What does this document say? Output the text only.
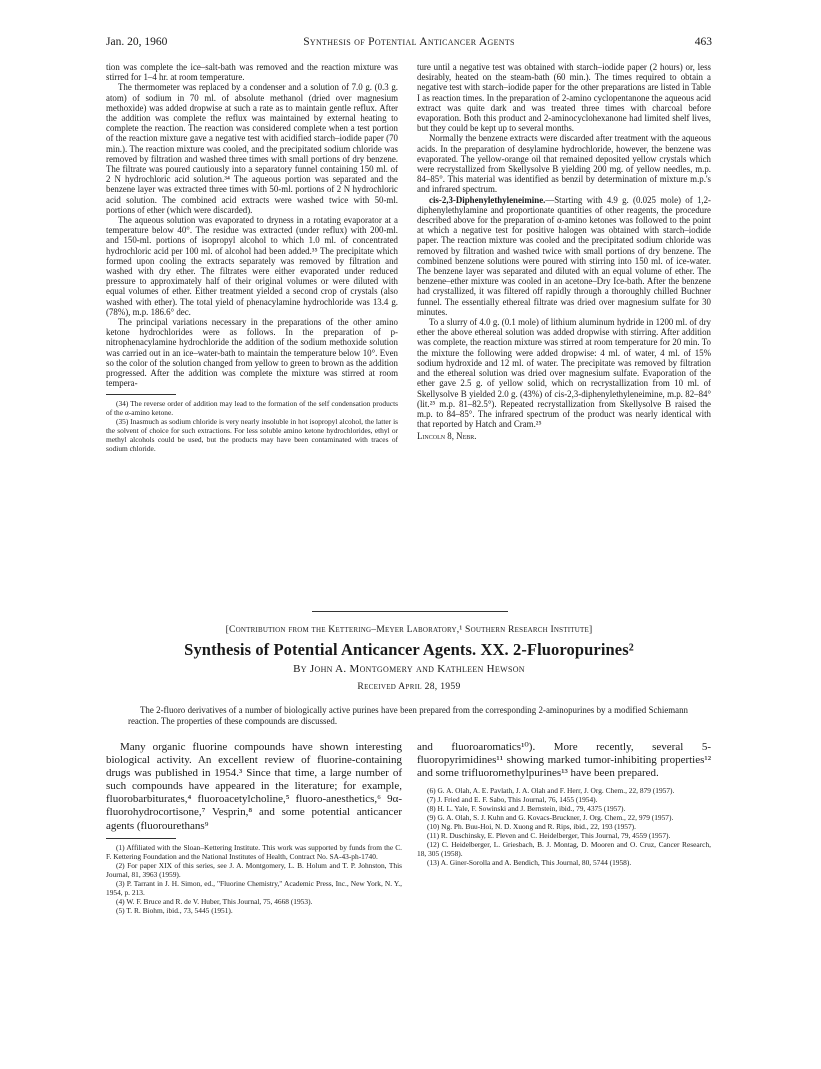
Jan. 20, 1960	Synthesis of Potential Anticancer Agents	463

tion was complete the ice–salt-bath was removed and the reaction mixture was stirred for 1–4 hr. at room temperature.

The thermometer was replaced by a condenser and a solution of 7.0 g. (0.3 g. atom) of sodium in 70 ml. of absolute methanol (dried over magnesium methoxide) was added dropwise at such a rate as to maintain gentle reflux. After the addition was complete the reflux was maintained by external heating to complete the reaction. The reaction was considered complete when a test portion of the reaction mixture gave a negative test with acidified starch–iodide paper (70 min.). The reaction mixture was cooled, and the precipitated sodium chloride was removed by filtration and washed three times with small portions of dry benzene. The filtrate was poured cautiously into a separatory funnel containing 150 ml. of 2 N hydrochloric acid solution.³⁴ The aqueous portion was separated and the benzene layer was extracted three times with 50-ml. portions of 2 N hydrochloric acid solution. The combined acid extracts were washed twice with 50-ml. portions of ether (which were discarded).

The aqueous solution was evaporated to dryness in a rotating evaporator at a temperature below 40°. The residue was extracted (under reflux) with 200-ml. and 150-ml. portions of isopropyl alcohol to which 1.0 ml. of concentrated hydrochloric acid per 100 ml. of alcohol had been added.³⁵ The precipitate which formed upon cooling the extracts separately was removed by filtration and washed with dry ether. The filtrates were either evaporated under reduced pressure to approximately half of their original volumes or were diluted with equal volumes of ether. Either treatment yielded a second crop of crystals (also washed with ether). The total yield of phenacylamine hydrochloride was 13.4 g. (78%), m.p. 186.6° dec.

The principal variations necessary in the preparations of the other amino ketone hydrochlorides were as follows. In the preparation of p-nitrophenacylamine hydrochloride the addition of the sodium methoxide solution was carried out in an ice–water-bath to maintain the temperature below 10°. Even so the color of the solution changed from yellow to green to brown as the addition progressed. After the addition was complete the mixture was stirred at room tempera-

(34) The reverse order of addition may lead to the formation of the self condensation products of the α-amino ketone.

(35) Inasmuch as sodium chloride is very nearly insoluble in hot isopropyl alcohol, the latter is the solvent of choice for such extractions. For less soluble amino ketone hydrochlorides, ethyl or methyl alcohols could be used, but the products may have been contaminated with traces of sodium chloride.

ture until a negative test was obtained with starch–iodide paper (2 hours) or, less desirably, heated on the steam-bath (60 min.). The times required to obtain a negative test with starch–iodide paper for the other preparations are listed in Table I as reaction times. In the preparation of 2-amino cyclopentanone the aqueous acid extract was quite dark and was treated three times with charcoal before evaporation. Both this product and 2-aminocyclohexanone had limited shelf lives, but they could be kept up to several months.

Normally the benzene extracts were discarded after treatment with the aqueous acids. In the preparation of desylamine hydrochloride, however, the benzene was evaporated. The yellow-orange oil that remained deposited yellow crystals which were recrystallized from Skellysolve B yielding 200 mg. of yellow needles, m.p. 84–85°. This material was identified as benzil by determination of mixture m.p.'s and infrared spectrum.

cis-2,3-Diphenylethyleneimine.—Starting with 4.9 g. (0.025 mole) of 1,2-diphenylethylamine and proportionate quantities of other reagents, the procedure described above for the preparation of α-amino ketones was followed to the point at which a negative test for positive halogen was obtained with starch–iodide paper. The reaction mixture was cooled and the precipitated sodium chloride was removed by filtration and washed twice with small portions of dry benzene. The combined benzene solutions were poured with stirring into 150 ml. of ice-water. The benzene layer was separated and diluted with an equal volume of ether. The benzene–ether mixture was cooled in an acetone–Dry Ice-bath. After the benzene had crystallized, it was filtered off rapidly through a thoroughly chilled Buchner funnel. The essentially ethereal filtrate was dried over magnesium sulfate for 30 minutes.

To a slurry of 4.0 g. (0.1 mole) of lithium aluminum hydride in 1200 ml. of dry ether the above ethereal solution was added dropwise with stirring. After addition was complete, the reaction mixture was stirred at room temperature for 20 min. To the mixture the following were added dropwise: 4 ml. of water, 4 ml. of 15% sodium hydroxide and 12 ml. of water. The precipitate was removed by filtration and the ethereal solution was dried over magnesium sulfate. Evaporation of the ether gave 2.5 g. of yellow solid, which on recrystallization from 10 ml. of Skellysolve B yielded 2.0 g. (43%) of cis-2,3-diphenylethyleneimine, m.p. 82–84° (lit.²⁵ m.p. 81–82.5°). Repeated recrystallization from Skellysolve B raised the m.p. to 84–85°. The infrared spectrum of the product was nearly identical with that reported by Hatch and Cram.²⁵

Lincoln 8, Nebr.

[Contribution from the Kettering–Meyer Laboratory,¹ Southern Research Institute]
Synthesis of Potential Anticancer Agents. XX. 2-Fluoropurines²
By John A. Montgomery and Kathleen Hewson
Received April 28, 1959

The 2-fluoro derivatives of a number of biologically active purines have been prepared from the corresponding 2-aminopurines by a modified Schiemann reaction. The properties of these compounds are discussed.

Many organic fluorine compounds have shown interesting biological activity. An excellent review of fluorine-containing drugs was published in 1954.³ Since that time, a large number of such compounds have appeared in the literature; for example, fluorobarbiturates,⁴ fluoroacetylcholine,⁵ fluoro-anesthetics,⁶ 9α-fluorohydrocortisone,⁷ Vesprin,⁸ and some potential anticancer agents (fluorourethans⁹

(1) Affiliated with the Sloan–Kettering Institute. This work was supported by funds from the C. F. Kettering Foundation and the National Institutes of Health, Contract No. SA-43-ph-1740.

(2) For paper XIX of this series, see J. A. Montgomery, L. B. Holum and T. P. Johnston, This Journal, 81, 3963 (1959).

(3) P. Tarrant in J. H. Simon, ed., "Fluorine Chemistry," Academic Press, Inc., New York, N. Y., 1954, p. 213.

(4) W. F. Bruce and R. de V. Huber, This Journal, 75, 4668 (1953).

(5) T. R. Biohm, ibid., 73, 5445 (1951).

and fluoroaromatics¹⁰). More recently, several 5-fluoropyrimidines¹¹ showing marked tumor-inhibiting properties¹² and some trifluoromethylpurines¹³ have been prepared.

(6) G. A. Olah, A. E. Pavlath, J. A. Olah and F. Herr, J. Org. Chem., 22, 879 (1957).

(7) J. Fried and E. F. Sabo, This Journal, 76, 1455 (1954).

(8) H. L. Yale, F. Sowinski and J. Bernstein, ibid., 79, 4375 (1957).

(9) G. A. Olah, S. J. Kuhn and G. Kovacs-Bruckner, J. Org. Chem., 22, 979 (1957).

(10) Ng. Ph. Buu-Hoi, N. D. Xuong and R. Rips, ibid., 22, 193 (1957).

(11) R. Duschinsky, E. Pleven and C. Heidelberger, This Journal, 79, 4559 (1957).

(12) C. Heidelberger, L. Griesbach, B. J. Montag, D. Mooren and O. Cruz, Cancer Research, 18, 305 (1958).

(13) A. Giner-Sorolla and A. Bendich, This Journal, 80, 5744 (1958).
